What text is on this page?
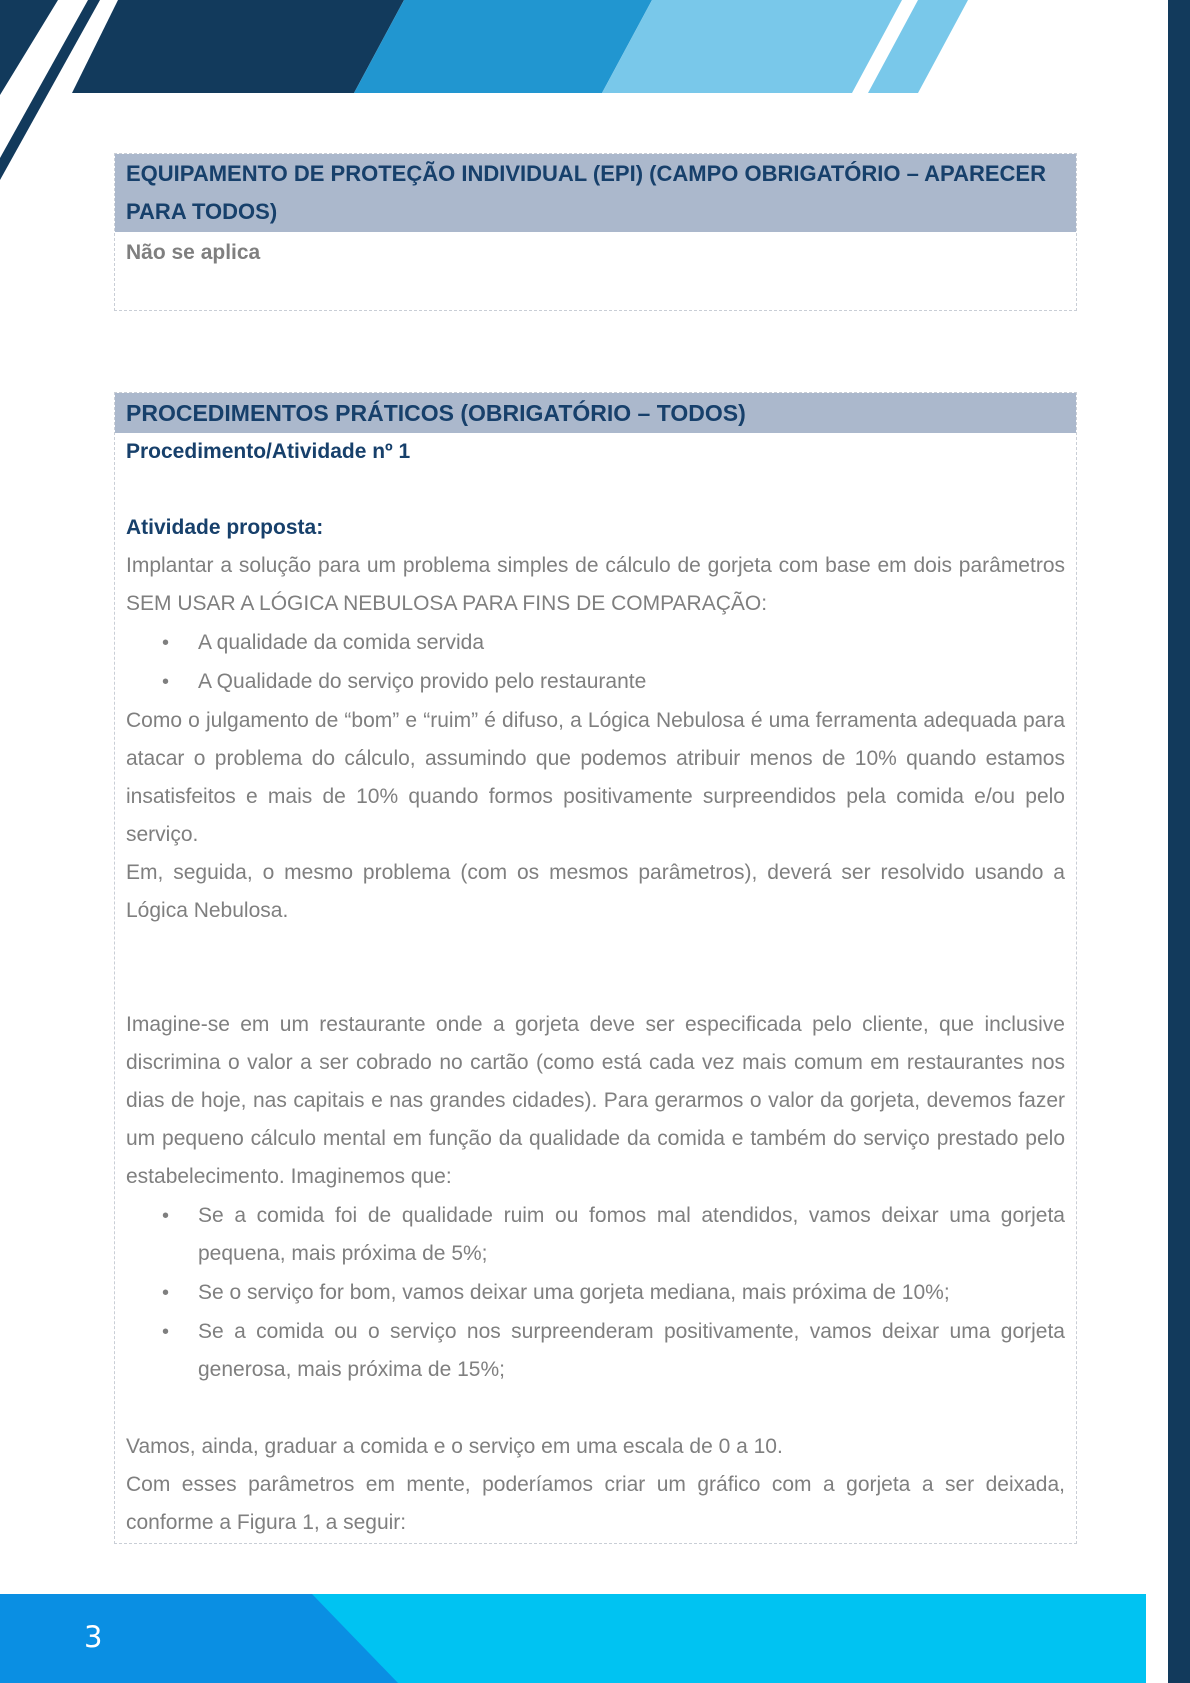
EQUIPAMENTO DE PROTEÇÃO INDIVIDUAL (EPI) (CAMPO OBRIGATÓRIO – APARECER PARA TODOS)
Não se aplica
PROCEDIMENTOS PRÁTICOS (OBRIGATÓRIO – TODOS)

Procedimento/Atividade nº 1

Atividade proposta:

Implantar a solução para um problema simples de cálculo de gorjeta com base em dois parâmetros SEM USAR A LÓGICA NEBULOSA PARA FINS DE COMPARAÇÃO:

• A qualidade da comida servida
• A Qualidade do serviço provido pelo restaurante

Como o julgamento de “bom” e “ruim” é difuso, a Lógica Nebulosa é uma ferramenta adequada para atacar o problema do cálculo, assumindo que podemos atribuir menos de 10% quando estamos insatisfeitos e mais de 10% quando formos positivamente surpreendidos pela comida e/ou pelo serviço.

Em, seguida, o mesmo problema (com os mesmos parâmetros), deverá ser resolvido usando a Lógica Nebulosa.

Imagine-se em um restaurante onde a gorjeta deve ser especificada pelo cliente, que inclusive discrimina o valor a ser cobrado no cartão (como está cada vez mais comum em restaurantes nos dias de hoje, nas capitais e nas grandes cidades). Para gerarmos o valor da gorjeta, devemos fazer um pequeno cálculo mental em função da qualidade da comida e também do serviço prestado pelo estabelecimento. Imaginemos que:

• Se a comida foi de qualidade ruim ou fomos mal atendidos, vamos deixar uma gorjeta pequena, mais próxima de 5%;
• Se o serviço for bom, vamos deixar uma gorjeta mediana, mais próxima de 10%;
• Se a comida ou o serviço nos surpreenderam positivamente, vamos deixar uma gorjeta generosa, mais próxima de 15%;

Vamos, ainda, graduar a comida e o serviço em uma escala de 0 a 10.

Com esses parâmetros em mente, poderíamos criar um gráfico com a gorjeta a ser deixada, conforme a Figura 1, a seguir:

3
